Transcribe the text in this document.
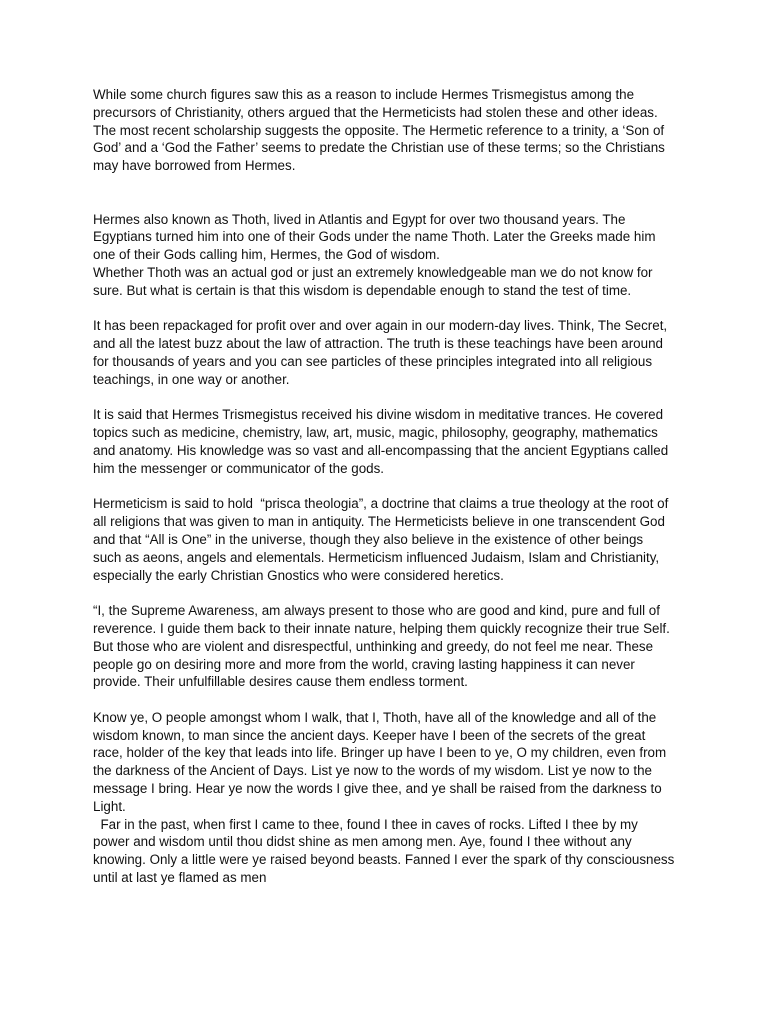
While some church figures saw this as a reason to include Hermes Trismegistus among the precursors of Christianity, others argued that the Hermeticists had stolen these and other ideas. The most recent scholarship suggests the opposite. The Hermetic reference to a trinity, a ‘Son of God’ and a ‘God the Father’ seems to predate the Christian use of these terms; so the Christians may have borrowed from Hermes.

Hermes also known as Thoth, lived in Atlantis and Egypt for over two thousand years. The Egyptians turned him into one of their Gods under the name Thoth. Later the Greeks made him one of their Gods calling him, Hermes, the God of wisdom.

Whether Thoth was an actual god or just an extremely knowledgeable man we do not know for sure. But what is certain is that this wisdom is dependable enough to stand the test of time.

It has been repackaged for profit over and over again in our modern-day lives. Think, The Secret, and all the latest buzz about the law of attraction. The truth is these teachings have been around for thousands of years and you can see particles of these principles integrated into all religious teachings, in one way or another.

It is said that Hermes Trismegistus received his divine wisdom in meditative trances. He covered topics such as medicine, chemistry, law, art, music, magic, philosophy, geography, mathematics and anatomy. His knowledge was so vast and all-encompassing that the ancient Egyptians called him the messenger or communicator of the gods.

Hermeticism is said to hold  “prisca theologia”, a doctrine that claims a true theology at the root of all religions that was given to man in antiquity. The Hermeticists believe in one transcendent God and that “All is One” in the universe, though they also believe in the existence of other beings such as aeons, angels and elementals. Hermeticism influenced Judaism, Islam and Christianity, especially the early Christian Gnostics who were considered heretics.

“I, the Supreme Awareness, am always present to those who are good and kind, pure and full of reverence. I guide them back to their innate nature, helping them quickly recognize their true Self. But those who are violent and disrespectful, unthinking and greedy, do not feel me near. These people go on desiring more and more from the world, craving lasting happiness it can never provide. Their unfulfillable desires cause them endless torment.

Know ye, O people amongst whom I walk, that I, Thoth, have all of the knowledge and all of the wisdom known, to man since the ancient days. Keeper have I been of the secrets of the great race, holder of the key that leads into life. Bringer up have I been to ye, O my children, even from the darkness of the Ancient of Days. List ye now to the words of my wisdom. List ye now to the message I bring. Hear ye now the words I give thee, and ye shall be raised from the darkness to Light.

Far in the past, when first I came to thee, found I thee in caves of rocks. Lifted I thee by my power and wisdom until thou didst shine as men among men. Aye, found I thee without any knowing. Only a little were ye raised beyond beasts. Fanned I ever the spark of thy consciousness until at last ye flamed as men
